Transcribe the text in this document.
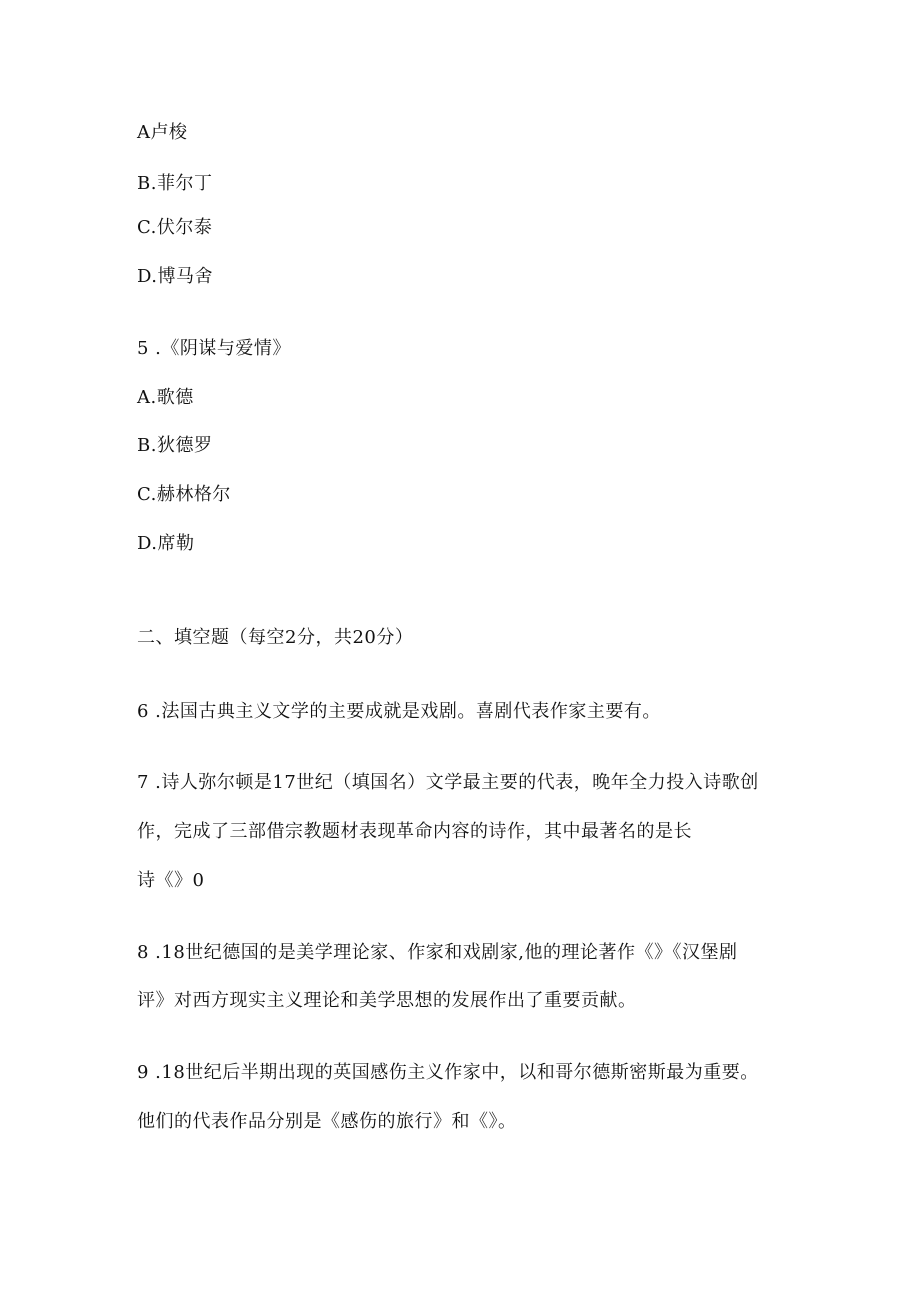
A卢梭
B.菲尔丁
C.伏尔泰
D.博马舍
5 .《阴谋与爱情》
A.歌德
B.狄德罗
C.赫林格尔
D.席勒
二、填空题（每空2分，共20分）
6 .法国古典主义文学的主要成就是戏剧。喜剧代表作家主要有。
7 .诗人弥尔顿是17世纪（填国名）文学最主要的代表，晚年全力投入诗歌创
作，完成了三部借宗教题材表现革命内容的诗作，其中最著名的是长
诗《》0
8 .18世纪德国的是美学理论家、作家和戏剧家,他的理论著作《》《汉堡剧
评》对西方现实主义理论和美学思想的发展作出了重要贡献。
9 .18世纪后半期出现的英国感伤主义作家中，以和哥尔德斯密斯最为重要。
他们的代表作品分别是《感伤的旅行》和《》。
